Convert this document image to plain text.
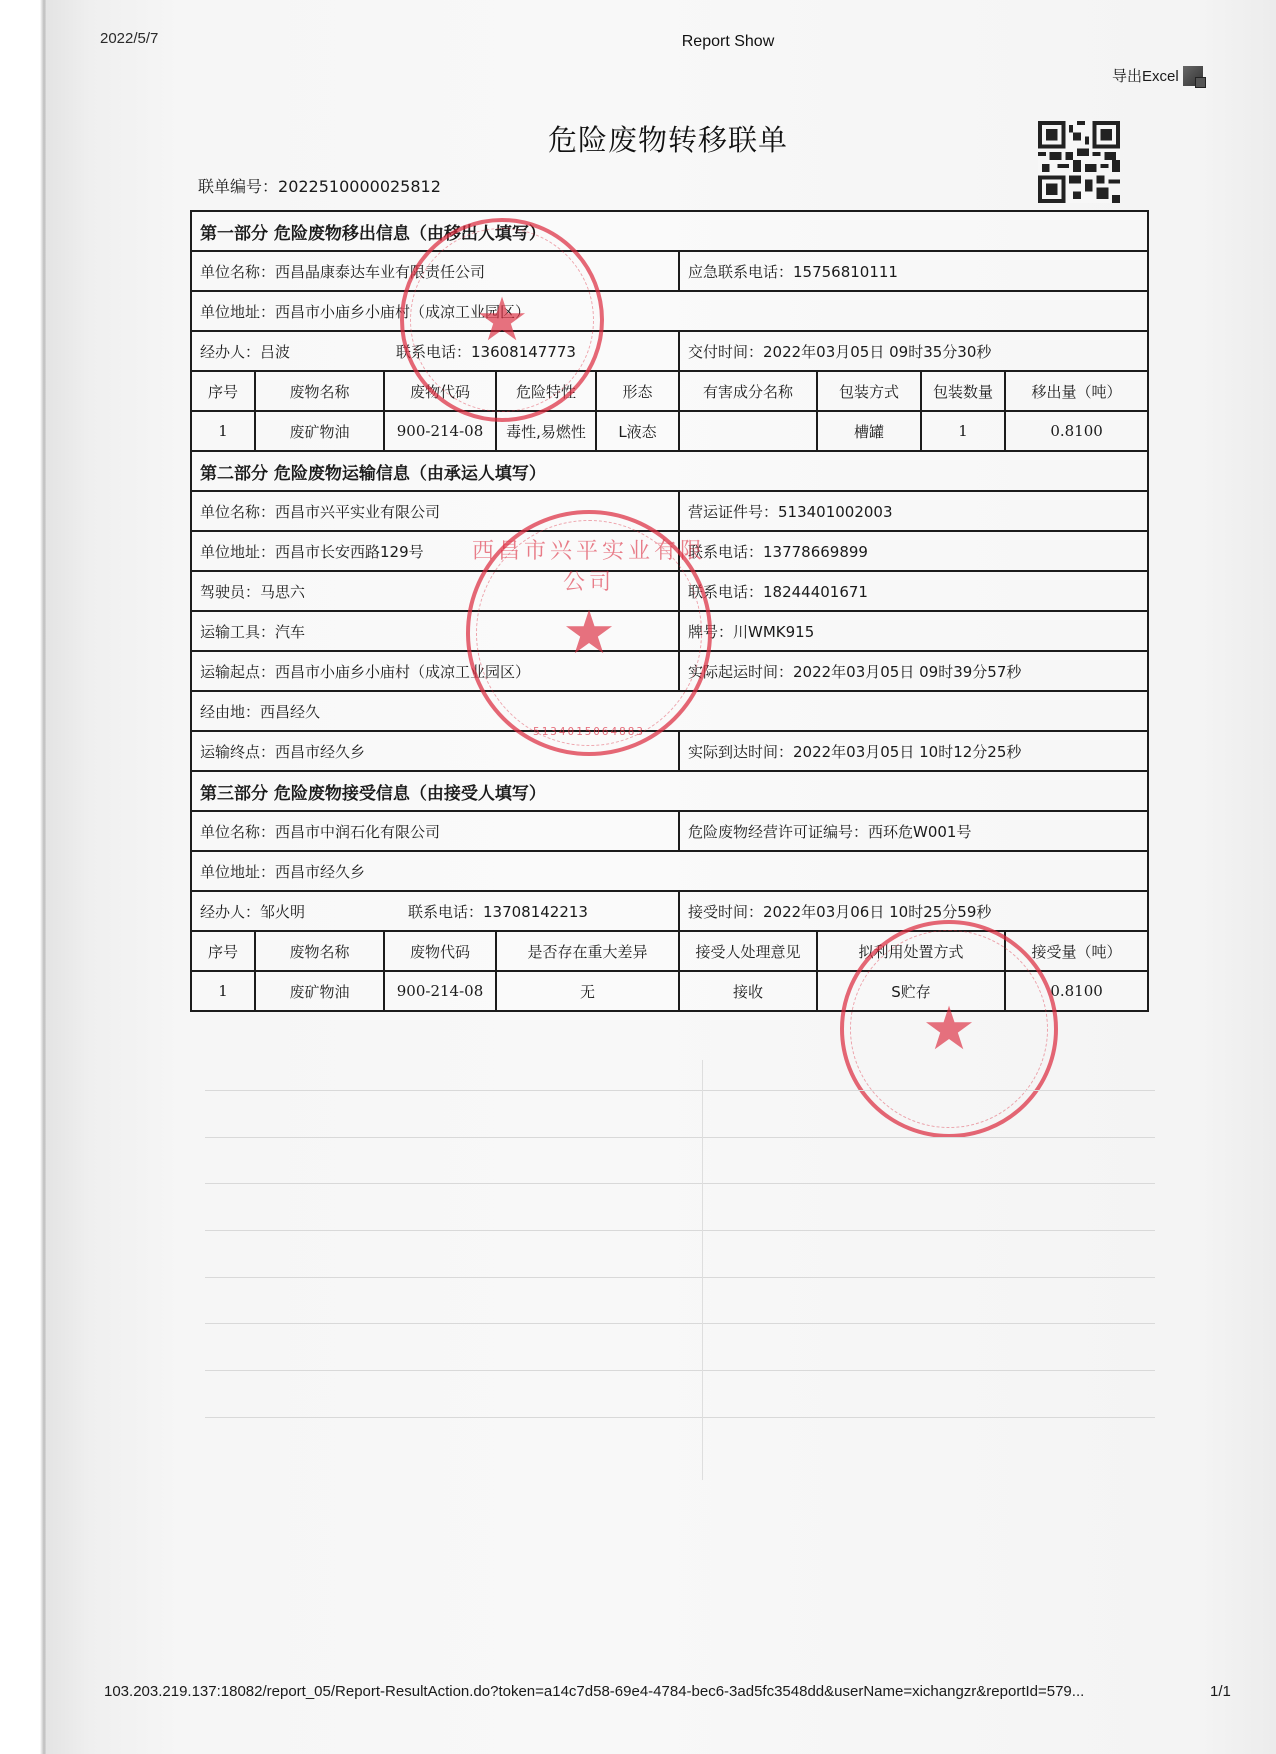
2022/5/7	Report Show
导出Excel
危险废物转移联单
联单编号：2022510000025812
第一部分 危险废物移出信息（由移出人填写）								
单位名称：西昌晶康泰达车业有限责任公司					应急联系电话：15756810111			
单位地址：西昌市小庙乡小庙村（成凉工业园区）								
经办人：吕波 联系电话：13608147773					交付时间：2022年03月05日 09时35分30秒			
序号	废物名称	废物代码	危险特性	形态	有害成分名称	包装方式	包装数量	移出量（吨）
1	废矿物油	900-214-08	毒性,易燃性	L液态		槽罐	1	0.8100
第二部分 危险废物运输信息（由承运人填写）								
单位名称：西昌市兴平实业有限公司					营运证件号：513401002003			
单位地址：西昌市长安西路129号					联系电话：13778669899			
驾驶员：马思六					联系电话：18244401671			
运输工具：汽车					牌号：川WMK915			
运输起点：西昌市小庙乡小庙村（成凉工业园区）					实际起运时间：2022年03月05日 09时39分57秒			
经由地：西昌经久								
运输终点：西昌市经久乡					实际到达时间：2022年03月05日 10时12分25秒			
第三部分 危险废物接受信息（由接受人填写）								
单位名称：西昌市中润石化有限公司					危险废物经营许可证编号：西环危W001号			
单位地址：西昌市经久乡								
经办人：邹火明 联系电话：13708142213					接受时间：2022年03月06日 10时25分59秒			
序号	废物名称	废物代码	是否存在重大差异		接受人处理意见	拟利用处置方式		接受量（吨）
1	废矿物油	900-214-08	无		接收	S贮存		0.8100
★
西昌市兴平实业有限公司
★
5134015064883
★
103.203.219.137:18082/report_05/Report-ResultAction.do?token=a14c7d58-69e4-4784-bec6-3ad5fc3548dd&userName=xichangzr&reportId=579...	1/1
